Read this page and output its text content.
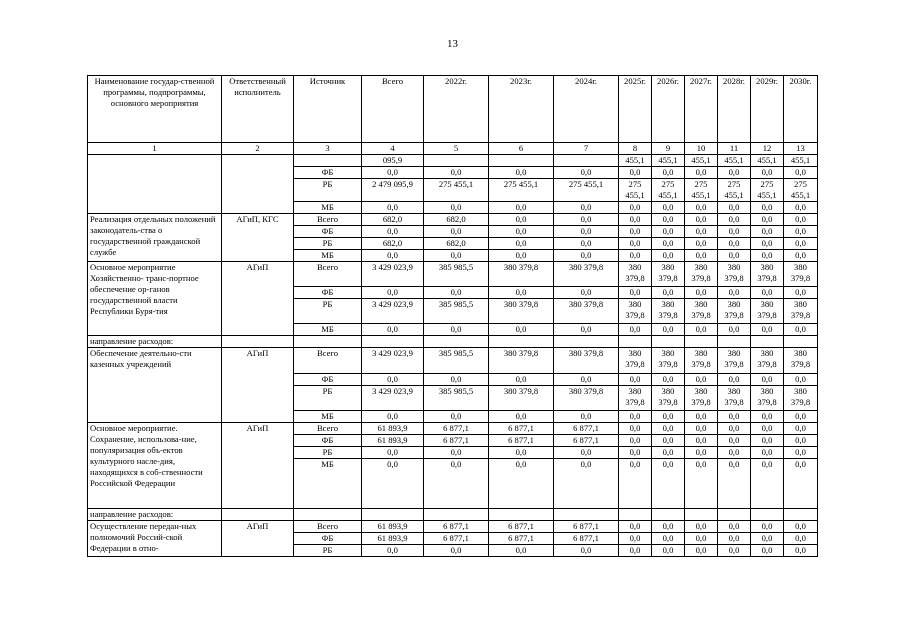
13
Наименование государ-ственной программы, подпрограммы, основного мероприятия	Ответственный исполнитель	Источник	Всего	2022г.	2023г.	2024г.	2025г.	2026г.	2027г.	2028г.	2029г.	2030г.
1	2	3	4	5	6	7	8	9	10	11	12	13
			095,9				455,1	455,1	455,1	455,1	455,1	455,1
		ФБ	0,0	0,0	0,0	0,0	0,0	0,0	0,0	0,0	0,0	0,0
		РБ	2 479 095,9	275 455,1	275 455,1	275 455,1	275 455,1	275 455,1	275 455,1	275 455,1	275 455,1	275 455,1
		МБ	0,0	0,0	0,0	0,0	0,0	0,0	0,0	0,0	0,0	0,0
Реализация отдельных положений законодатель-ства о государственной гражданской службе	АГиП, КГС	Всего	682,0	682,0	0,0	0,0	0,0	0,0	0,0	0,0	0,0	0,0
		ФБ	0,0	0,0	0,0	0,0	0,0	0,0	0,0	0,0	0,0	0,0
		РБ	682,0	682,0	0,0	0,0	0,0	0,0	0,0	0,0	0,0	0,0
		МБ	0,0	0,0	0,0	0,0	0,0	0,0	0,0	0,0	0,0	0,0
Основное мероприятие Хозяйственно- транс-портное обеспечение ор-ганов государственной власти Республики Буря-тия	АГиП	Всего	3 429 023,9	385 985,5	380 379,8	380 379,8	380 379,8	380 379,8	380 379,8	380 379,8	380 379,8	380 379,8
		ФБ	0,0	0,0	0,0	0,0	0,0	0,0	0,0	0,0	0,0	0,0
		РБ	3 429 023,9	385 985,5	380 379,8	380 379,8	380 379,8	380 379,8	380 379,8	380 379,8	380 379,8	380 379,8
		МБ	0,0	0,0	0,0	0,0	0,0	0,0	0,0	0,0	0,0	0,0
направление расходов:												
Обеспечение деятельно-сти казенных учреждений	АГиП	Всего	3 429 023,9	385 985,5	380 379,8	380 379,8	380 379,8	380 379,8	380 379,8	380 379,8	380 379,8	380 379,8
		ФБ	0,0	0,0	0,0	0,0	0,0	0,0	0,0	0,0	0,0	0,0
		РБ	3 429 023,9	385 985,5	380 379,8	380 379,8	380 379,8	380 379,8	380 379,8	380 379,8	380 379,8	380 379,8
		МБ	0,0	0,0	0,0	0,0	0,0	0,0	0,0	0,0	0,0	0,0
Основное мероприятие. Сохранение, использова-ние, популяризация объ-ектов культурного насле-дия, находящихся в соб-ственности Российской Федерации	АГиП	Всего	61 893,9	6 877,1	6 877,1	6 877,1	0,0	0,0	0,0	0,0	0,0	0,0
		ФБ	61 893,9	6 877,1	6 877,1	6 877,1	0,0	0,0	0,0	0,0	0,0	0,0
		РБ	0,0	0,0	0,0	0,0	0,0	0,0	0,0	0,0	0,0	0,0
		МБ	0,0	0,0	0,0	0,0	0,0	0,0	0,0	0,0	0,0	0,0
направление расходов:												
Осуществление передан-ных полномочий Россий-ской Федерации в отно-	АГиП	Всего	61 893,9	6 877,1	6 877,1	6 877,1	0,0	0,0	0,0	0,0	0,0	0,0
		ФБ	61 893,9	6 877,1	6 877,1	6 877,1	0,0	0,0	0,0	0,0	0,0	0,0
		РБ	0,0	0,0	0,0	0,0	0,0	0,0	0,0	0,0	0,0	0,0
